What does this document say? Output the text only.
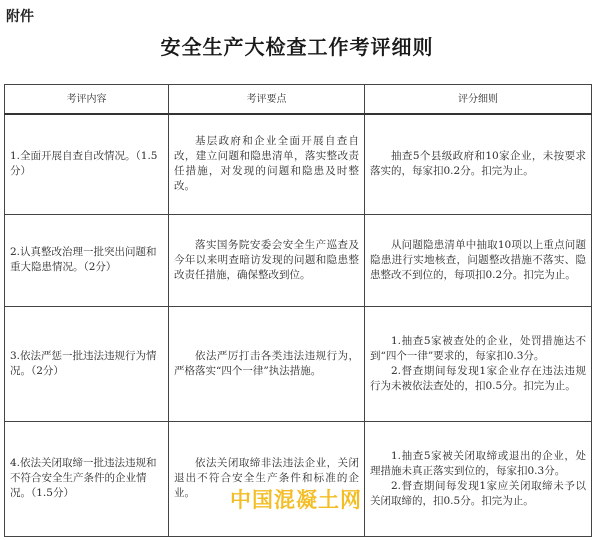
附件
安全生产大检查工作考评细则
考评内容	考评要点	评分细则
1.全面开展自查自改情况。（1.5分）	基层政府和企业全面开展自查自改，建立问题和隐患清单，落实整改责任措施，对发现的问题和隐患及时整改。	抽查5个县级政府和10家企业，未按要求落实的，每家扣0.2分。扣完为止。
2.认真整改治理一批突出问题和重大隐患情况。（2分）	落实国务院安委会安全生产巡查及今年以来明查暗访发现的问题和隐患整改责任措施，确保整改到位。	从问题隐患清单中抽取10项以上重点问题隐患进行实地核查，问题整改措施不落实、隐患整改不到位的，每项扣0.2分。扣完为止。
3.依法严惩一批违法违规行为情况。（2分）	依法严厉打击各类违法违规行为，严格落实“四个一律”执法措施。	1.抽查5家被查处的企业，处罚措施达不到“四个一律”要求的，每家扣0.3分。
2.督查期间每发现1家企业存在违法违规行为未被依法查处的，扣0.5分。扣完为止。

4.依法关闭取缔一批违法违规和不符合安全生产条件的企业情况。（1.5分）	依法关闭取缔非法违法企业，关闭退出不符合安全生产条件和标准的企业。	1.抽查5家被关闭取缔或退出的企业，处理措施未真正落实到位的，每家扣0.3分。
2.督查期间每发现1家应关闭取缔未予以关闭取缔的，扣0.5分。扣完为止。
中国混凝土网
